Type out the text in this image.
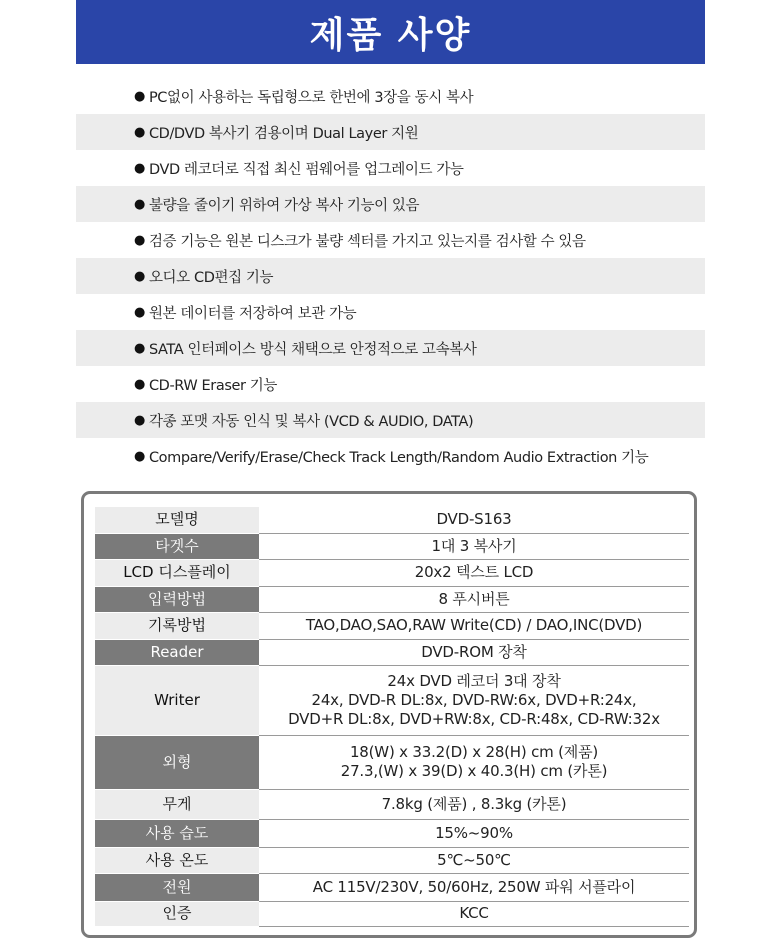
제품 사양
● PC없이 사용하는 독립형으로 한번에 3장을 동시 복사
● CD/DVD 복사기 겸용이며 Dual Layer 지원
● DVD 레코더로 직접 최신 펌웨어를 업그레이드 가능
● 불량을 줄이기 위하여 가상 복사 기능이 있음
● 검증 기능은 원본 디스크가 불량 섹터를 가지고 있는지를 검사할 수 있음
● 오디오 CD편집 기능
● 원본 데이터를 저장하여 보관 가능
● SATA 인터페이스 방식 채택으로 안정적으로 고속복사
● CD-RW Eraser 기능
● 각종 포맷 자동 인식 및 복사 (VCD & AUDIO, DATA)
● Compare/Verify/Erase/Check Track Length/Random Audio Extraction 기능
모델명	DVD-S163

타겟수	1대 3 복사기

LCD 디스플레이	20x2 텍스트 LCD

입력방법	8 푸시버튼

기록방법	TAO,DAO,SAO,RAW Write(CD) / DAO,INC(DVD)

Reader	DVD-ROM 장착

Writer	24x DVD 레코더 3대 장착
24x, DVD-R DL:8x, DVD-RW:6x, DVD+R:24x,
DVD+R DL:8x, DVD+RW:8x, CD-R:48x, CD-RW:32x

외형	18(W) x 33.2(D) x 28(H) cm (제품)
27.3,(W) x 39(D) x 40.3(H) cm (카톤)

무게	7.8kg (제품) , 8.3kg (카톤)

사용 습도	15%~90%

사용 온도	5℃~50℃

전원	AC 115V/230V, 50/60Hz, 250W 파워 서플라이

인증	KCC
